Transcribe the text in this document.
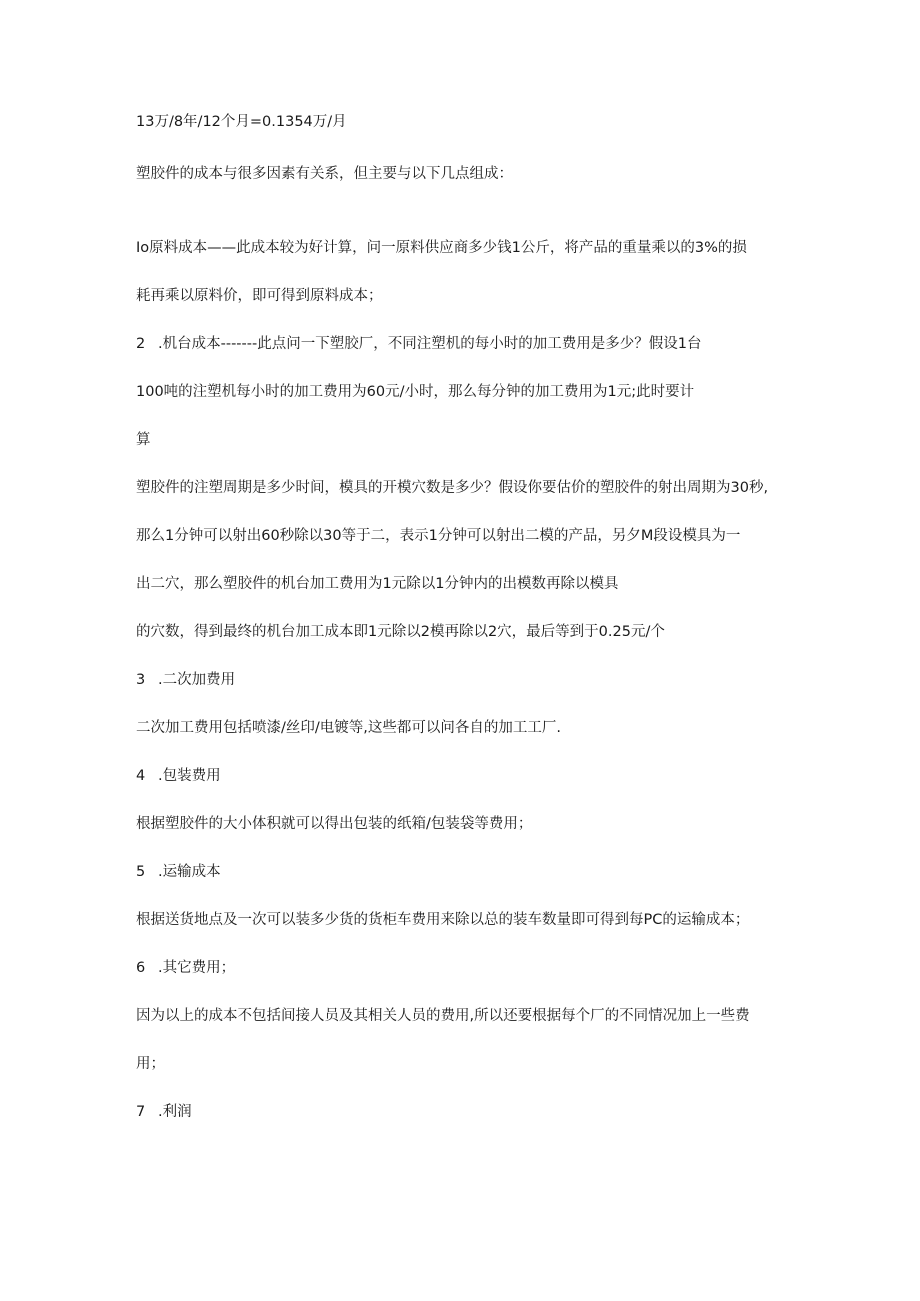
13万/8年/12个月=0.1354万/月
塑胶件的成本与很多因素有关系，但主要与以下几点组成：
Io原料成本——此成本较为好计算，问一原料供应商多少钱1公斤，将产品的重量乘以的3%的损
耗再乘以原料价，即可得到原料成本；
2 .机台成本-------此点问一下塑胶厂，不同注塑机的每小时的加工费用是多少？假设1台
100吨的注塑机每小时的加工费用为60元/小时，那么每分钟的加工费用为1元;此时要计
算
塑胶件的注塑周期是多少时间，模具的开模穴数是多少？假设你要估价的塑胶件的射出周期为30秒,
那么1分钟可以射出60秒除以30等于二，表示1分钟可以射出二模的产品，另夕M段设模具为一
出二穴，那么塑胶件的机台加工费用为1元除以1分钟内的出模数再除以模具
的穴数，得到最终的机台加工成本即1元除以2模再除以2穴，最后等到于0.25元/个
3 .二次加费用
二次加工费用包括喷漆/丝印/电镀等,这些都可以问各自的加工工厂.
4 .包装费用
根据塑胶件的大小体积就可以得出包装的纸箱/包装袋等费用；
5 .运输成本
根据送货地点及一次可以装多少货的货柜车费用来除以总的装车数量即可得到每PC的运输成本；
6 .其它费用；
因为以上的成本不包括间接人员及其相关人员的费用,所以还要根据每个厂的不同情况加上一些费
用；
7 .利润
